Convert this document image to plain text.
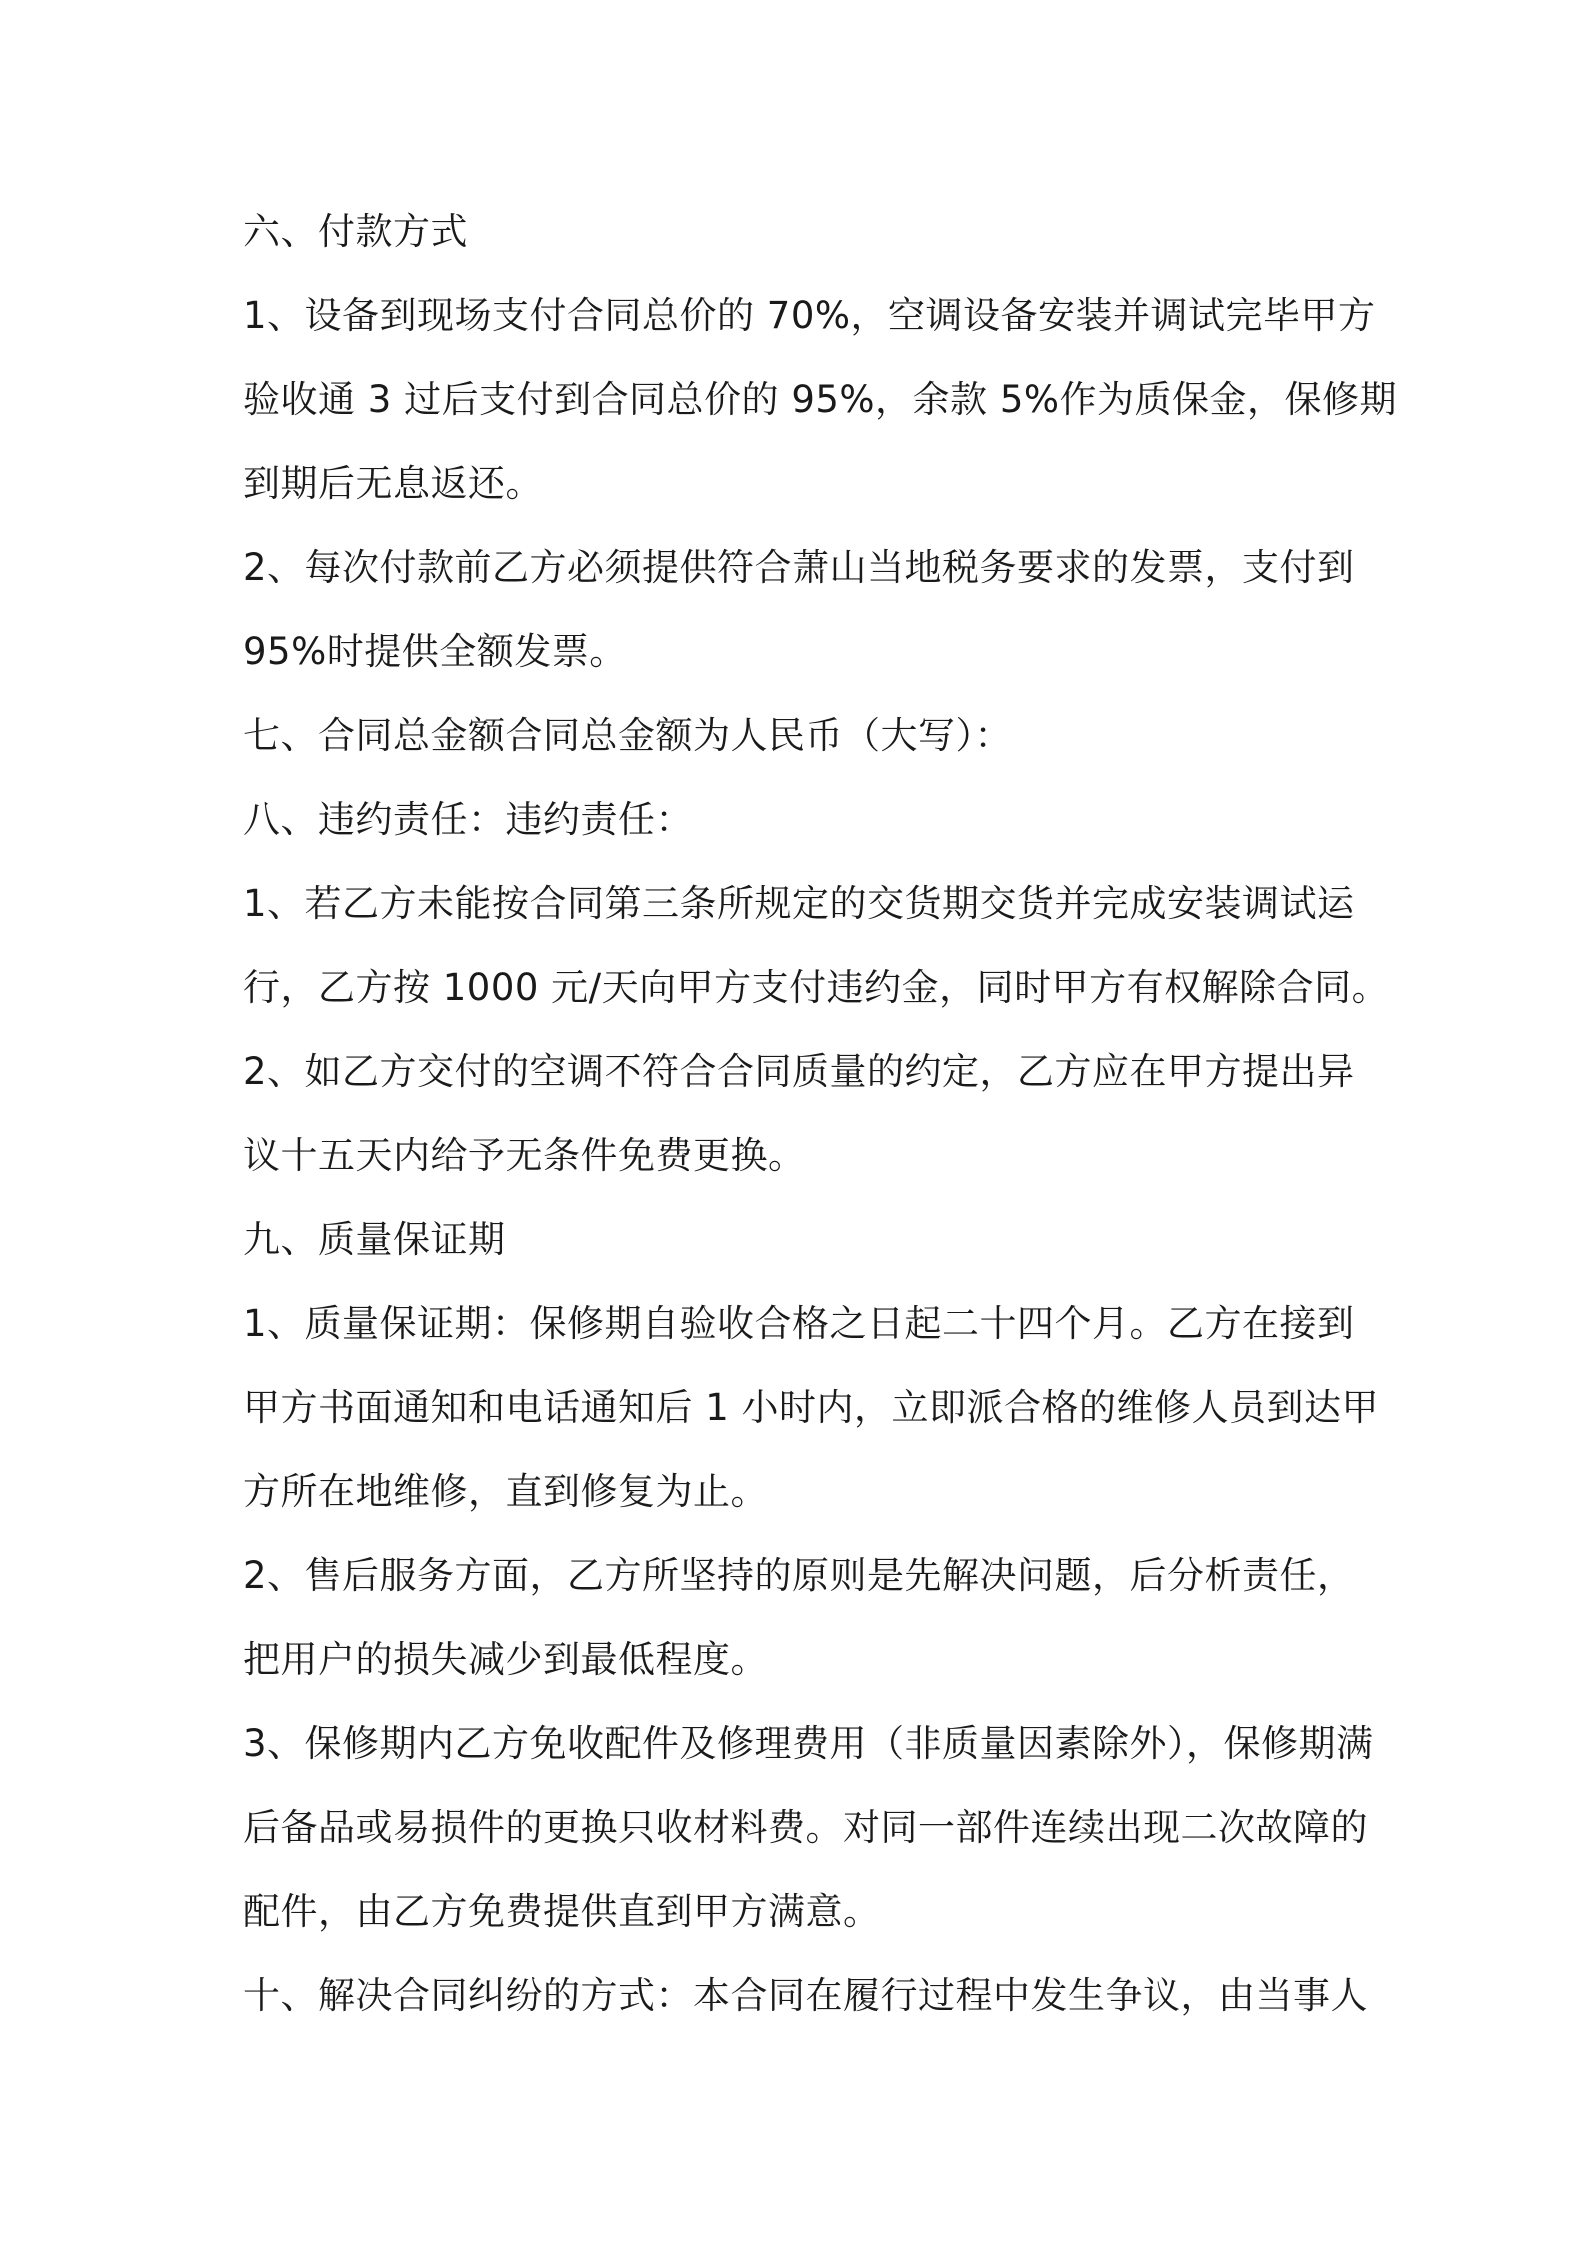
六、付款方式
1、设备到现场支付合同总价的 70%，空调设备安装并调试完毕甲方
验收通 3 过后支付到合同总价的 95%，余款 5%作为质保金，保修期
到期后无息返还。
2、每次付款前乙方必须提供符合萧山当地税务要求的发票，支付到
95%时提供全额发票。
七、合同总金额合同总金额为人民币（大写）：
八、违约责任：违约责任：
1、若乙方未能按合同第三条所规定的交货期交货并完成安装调试运
行，乙方按 1000 元/天向甲方支付违约金，同时甲方有权解除合同。
2、如乙方交付的空调不符合合同质量的约定，乙方应在甲方提出异
议十五天内给予无条件免费更换。
九、质量保证期
1、质量保证期：保修期自验收合格之日起二十四个月。乙方在接到
甲方书面通知和电话通知后 1 小时内，立即派合格的维修人员到达甲
方所在地维修，直到修复为止。
2、售后服务方面，乙方所坚持的原则是先解决问题，后分析责任，
把用户的损失减少到最低程度。
3、保修期内乙方免收配件及修理费用（非质量因素除外），保修期满
后备品或易损件的更换只收材料费。对同一部件连续出现二次故障的
配件，由乙方免费提供直到甲方满意。
十、解决合同纠纷的方式：本合同在履行过程中发生争议，由当事人
